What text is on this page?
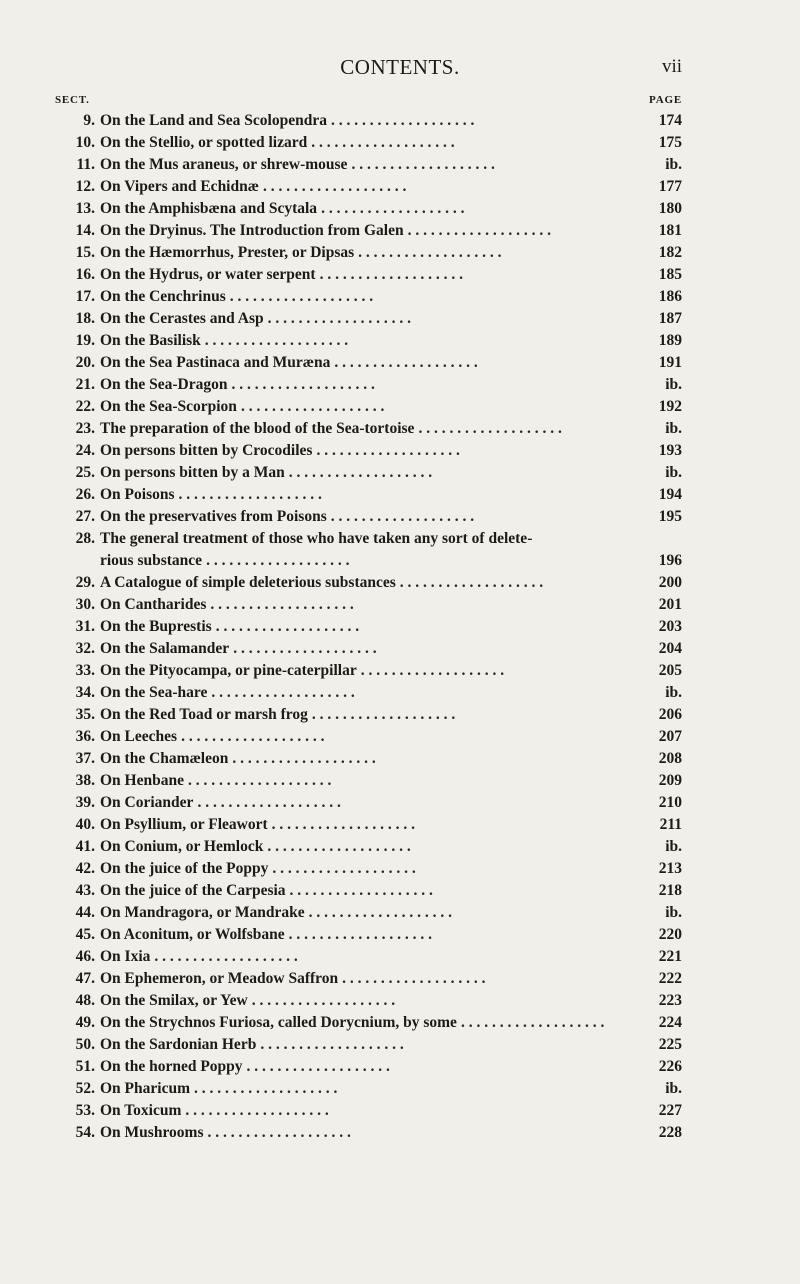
CONTENTS.	vii
SECT.	PAGE
9. On the Land and Sea Scolopendra . . . . . . . . . . . . . . . . . . .	174
10. On the Stellio, or spotted lizard . . . . . . . . . . . . . . . . . . .	175
11. On the Mus araneus, or shrew-mouse . . . . . . . . . . . . . . . . . . .	ib.
12. On Vipers and Echidnæ . . . . . . . . . . . . . . . . . . .	177
13. On the Amphisbæna and Scytala . . . . . . . . . . . . . . . . . . .	180
14. On the Dryinus. The Introduction from Galen . . . . . . . . . . . . . . . . . . .	181
15. On the Hæmorrhus, Prester, or Dipsas . . . . . . . . . . . . . . . . . . .	182
16. On the Hydrus, or water serpent . . . . . . . . . . . . . . . . . . .	185
17. On the Cenchrinus . . . . . . . . . . . . . . . . . . .	186
18. On the Cerastes and Asp . . . . . . . . . . . . . . . . . . .	187
19. On the Basilisk . . . . . . . . . . . . . . . . . . .	189
20. On the Sea Pastinaca and Muræna . . . . . . . . . . . . . . . . . . .	191
21. On the Sea-Dragon . . . . . . . . . . . . . . . . . . .	ib.
22. On the Sea-Scorpion . . . . . . . . . . . . . . . . . . .	192
23. The preparation of the blood of the Sea-tortoise . . . . . . . . . . . . . . . . . . .	ib.
24. On persons bitten by Crocodiles . . . . . . . . . . . . . . . . . . .	193
25. On persons bitten by a Man . . . . . . . . . . . . . . . . . . .	ib.
26. On Poisons . . . . . . . . . . . . . . . . . . .	194
27. On the preservatives from Poisons . . . . . . . . . . . . . . . . . . .	195
28. The general treatment of those who have taken any sort of delete-
rious substance . . . . . . . . . . . . . . . . . . .	196
29. A Catalogue of simple deleterious substances . . . . . . . . . . . . . . . . . . .	200
30. On Cantharides . . . . . . . . . . . . . . . . . . .	201
31. On the Buprestis . . . . . . . . . . . . . . . . . . .	203
32. On the Salamander . . . . . . . . . . . . . . . . . . .	204
33. On the Pityocampa, or pine-caterpillar . . . . . . . . . . . . . . . . . . .	205
34. On the Sea-hare . . . . . . . . . . . . . . . . . . .	ib.
35. On the Red Toad or marsh frog . . . . . . . . . . . . . . . . . . .	206
36. On Leeches . . . . . . . . . . . . . . . . . . .	207
37. On the Chamæleon . . . . . . . . . . . . . . . . . . .	208
38. On Henbane . . . . . . . . . . . . . . . . . . .	209
39. On Coriander . . . . . . . . . . . . . . . . . . .	210
40. On Psyllium, or Fleawort . . . . . . . . . . . . . . . . . . .	211
41. On Conium, or Hemlock . . . . . . . . . . . . . . . . . . .	ib.
42. On the juice of the Poppy . . . . . . . . . . . . . . . . . . .	213
43. On the juice of the Carpesia . . . . . . . . . . . . . . . . . . .	218
44. On Mandragora, or Mandrake . . . . . . . . . . . . . . . . . . .	ib.
45. On Aconitum, or Wolfsbane . . . . . . . . . . . . . . . . . . .	220
46. On Ixia . . . . . . . . . . . . . . . . . . .	221
47. On Ephemeron, or Meadow Saffron . . . . . . . . . . . . . . . . . . .	222
48. On the Smilax, or Yew . . . . . . . . . . . . . . . . . . .	223
49. On the Strychnos Furiosa, called Dorycnium, by some . . . . . . . . . . . . . . . . . . .	224
50. On the Sardonian Herb . . . . . . . . . . . . . . . . . . .	225
51. On the horned Poppy . . . . . . . . . . . . . . . . . . .	226
52. On Pharicum . . . . . . . . . . . . . . . . . . .	ib.
53. On Toxicum . . . . . . . . . . . . . . . . . . .	227
54. On Mushrooms . . . . . . . . . . . . . . . . . . .	228
